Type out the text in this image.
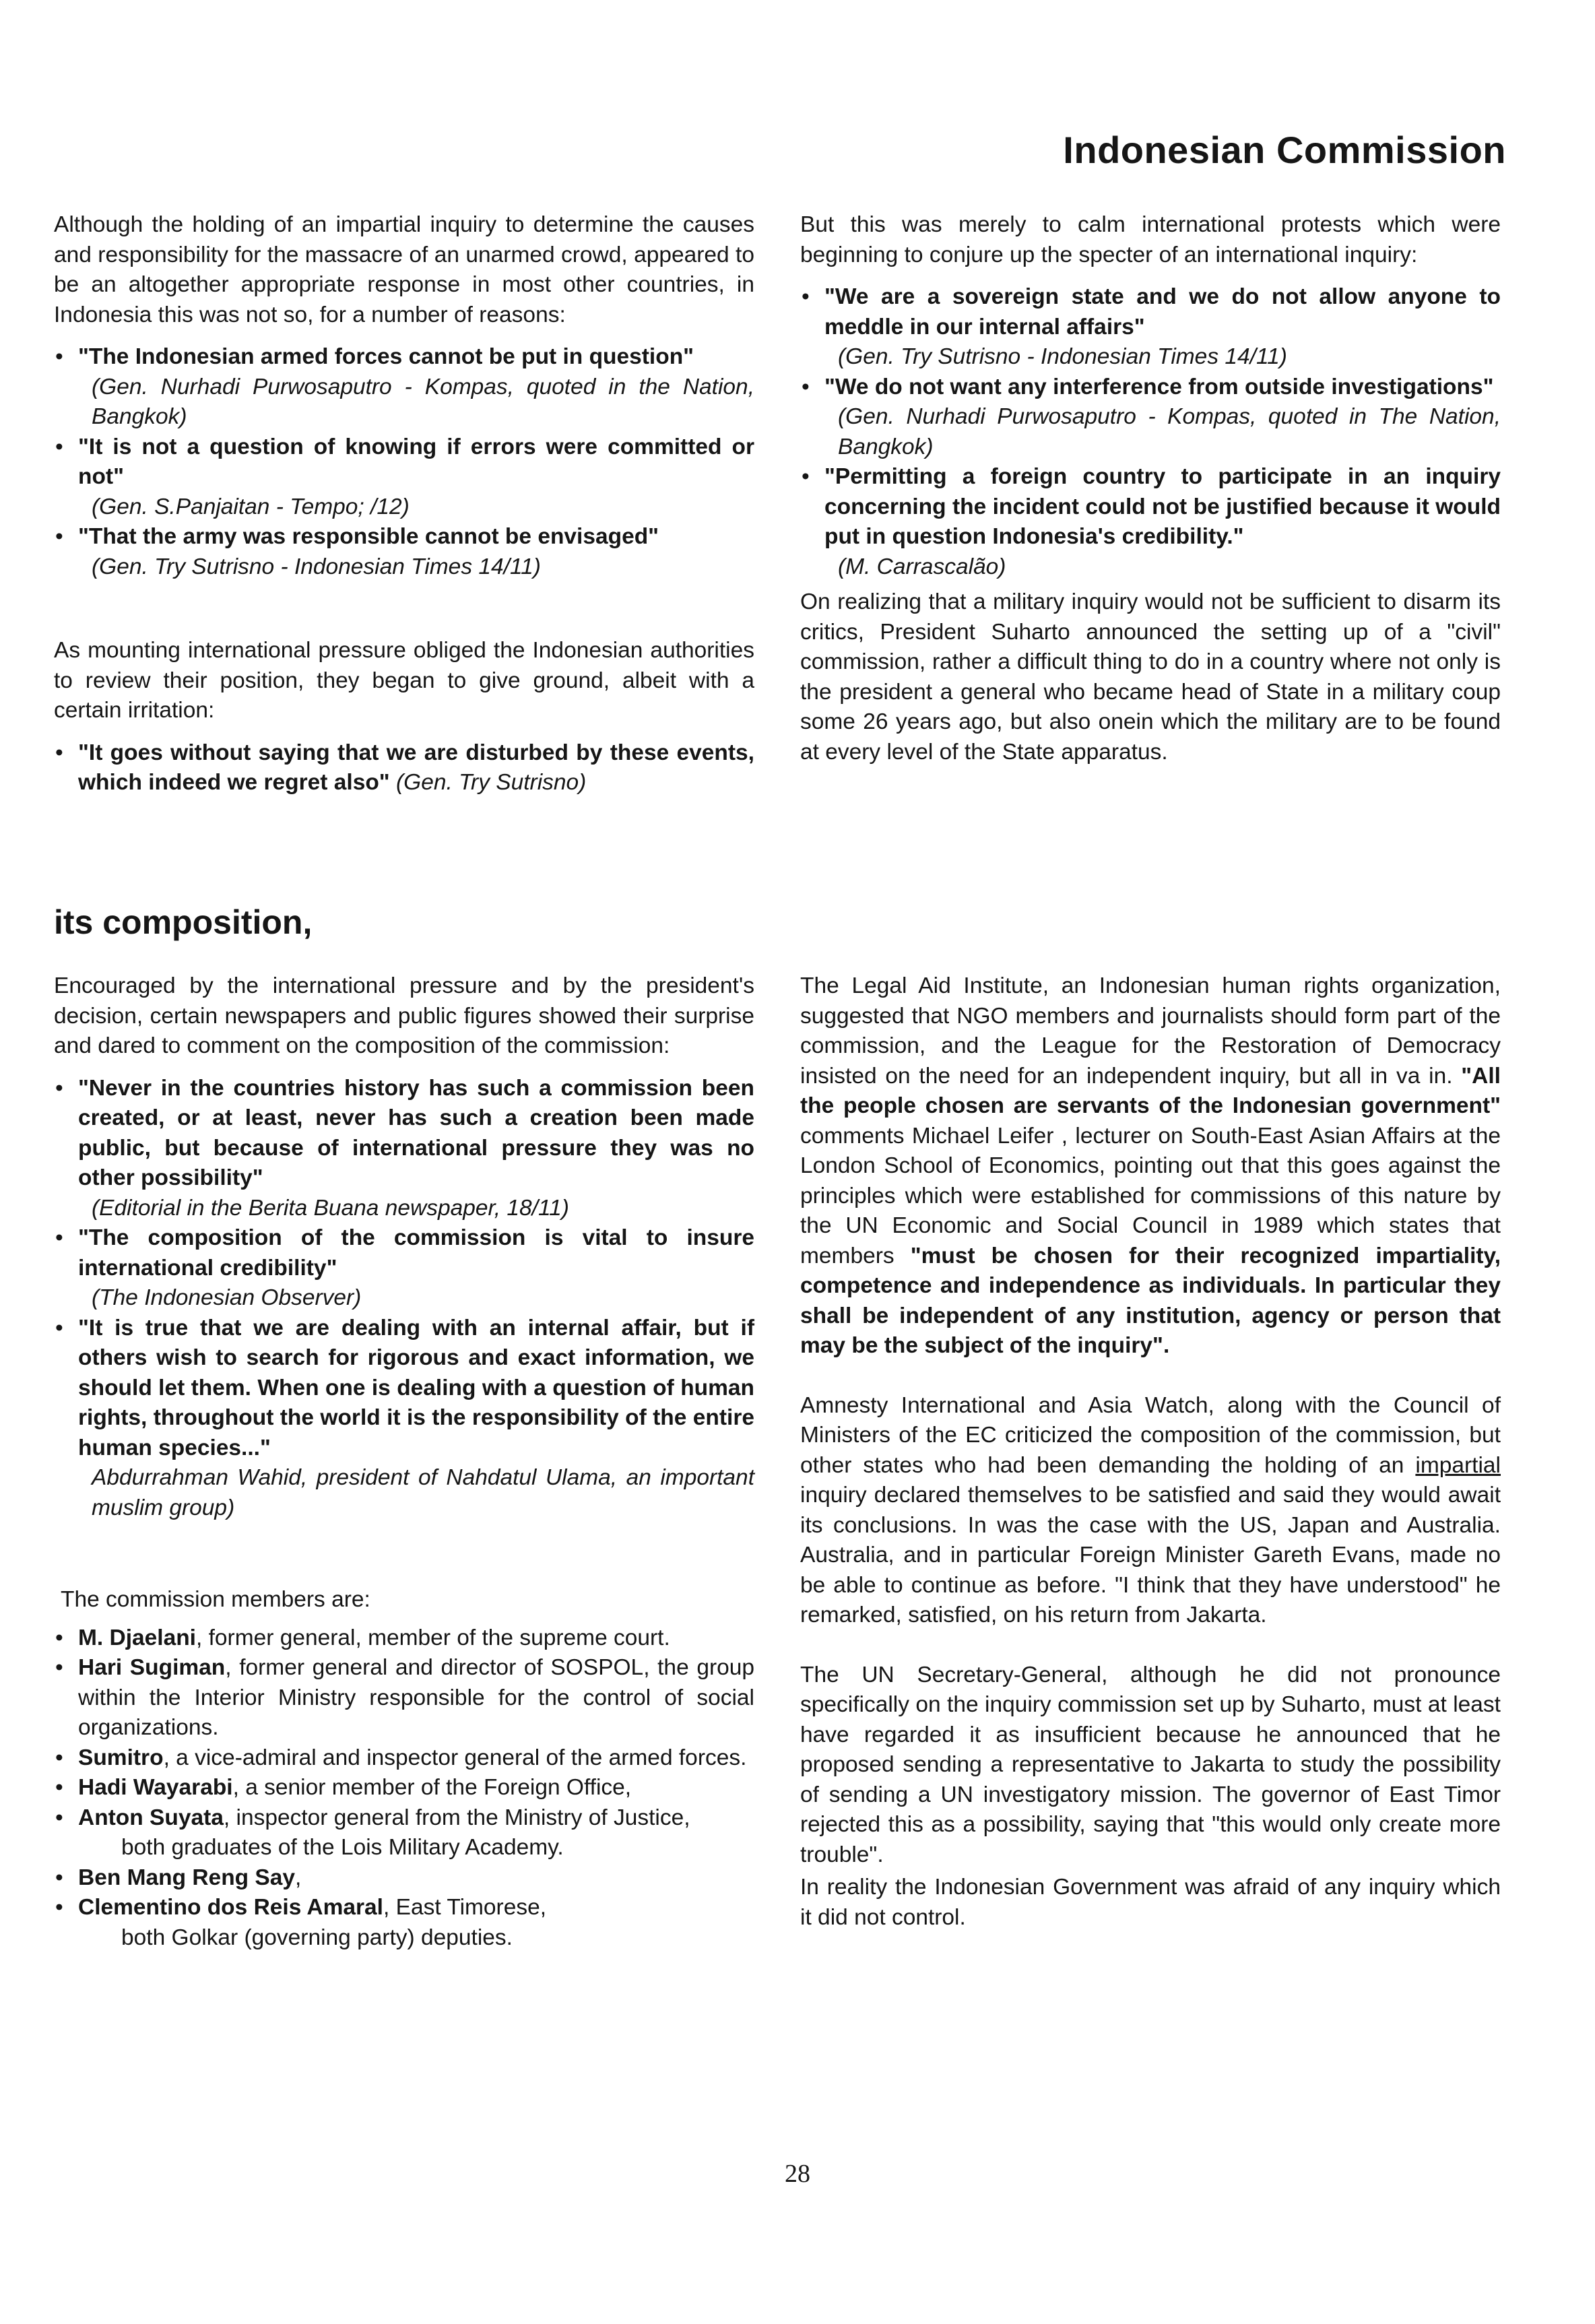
Indonesian Commission

Although the holding of an impartial inquiry to determine the causes and responsibility for the massacre of an unarmed crowd, appeared to be an altogether appropriate response in most other countries, in Indonesia this was not so, for a number of reasons:

• "The Indonesian armed forces cannot be put in question"
(Gen. Nurhadi Purwosaputro - Kompas, quoted in the Nation, Bangkok)
• "It is not a question of knowing if errors were committed or not"
(Gen. S.Panjaitan - Tempo; /12)
• "That the army was responsible cannot be envisaged"
(Gen. Try Sutrisno - Indonesian Times 14/11)

As mounting international pressure obliged the Indonesian authorities to review their position, they began to give ground, albeit with a certain irritation:

• "It goes without saying that we are disturbed by these events, which indeed we regret also" (Gen. Try Sutrisno)

But this was merely to calm international protests which were beginning to conjure up the specter of an international inquiry:

• "We are a sovereign state and we do not allow anyone to meddle in our internal affairs"
(Gen. Try Sutrisno - Indonesian Times 14/11)
• "We do not want any interference from outside investigations"
(Gen. Nurhadi Purwosaputro - Kompas, quoted in The Nation, Bangkok)
• "Permitting a foreign country to participate in an inquiry concerning the incident could not be justified because it would put in question Indonesia's credibility."
(M. Carrascalão)

On realizing that a military inquiry would not be sufficient to disarm its critics, President Suharto announced the setting up of a "civil" commission, rather a difficult thing to do in a country where not only is the president a general who became head of State in a military coup some 26 years ago, but also onein which the military are to be found at every level of the State apparatus.

its composition,

Encouraged by the international pressure and by the president's decision, certain newspapers and public figures showed their surprise and dared to comment on the composition of the commission:

• "Never in the countries history has such a commission been created, or at least, never has such a creation been made public, but because of international pressure they was no other possibility"
(Editorial in the Berita Buana newspaper, 18/11)
• "The composition of the commission is vital to insure international credibility"
(The Indonesian Observer)
• "It is true that we are dealing with an internal affair, but if others wish to search for rigorous and exact information, we should let them. When one is dealing with a question of human rights, throughout the world it is the responsibility of the entire human species..."
Abdurrahman Wahid, president of Nahdatul Ulama, an important muslim group)

The commission members are:

• M. Djaelani, former general, member of the supreme court.
• Hari Sugiman, former general and director of SOSPOL, the group within the Interior Ministry responsible for the control of social organizations.
• Sumitro, a vice-admiral and inspector general of the armed forces.
• Hadi Wayarabi, a senior member of the Foreign Office,
• Anton Suyata, inspector general from the Ministry of Justice,
both graduates of the Lois Military Academy.
• Ben Mang Reng Say,
• Clementino dos Reis Amaral, East Timorese,
both Golkar (governing party) deputies.

The Legal Aid Institute, an Indonesian human rights organization, suggested that NGO members and journalists should form part of the commission, and the League for the Restoration of Democracy insisted on the need for an independent inquiry, but all in va in. "All the people chosen are servants of the Indonesian government" comments Michael Leifer , lecturer on South-East Asian Affairs at the London School of Economics, pointing out that this goes against the principles which were established for commissions of this nature by the UN Economic and Social Council in 1989 which states that members "must be chosen for their recognized impartiality, competence and independence as individuals. In particular they shall be independent of any institution, agency or person that may be the subject of the inquiry".

Amnesty International and Asia Watch, along with the Council of Ministers of the EC criticized the composition of the commission, but other states who had been demanding the holding of an impartial inquiry declared themselves to be satisfied and said they would await its conclusions. In was the case with the US, Japan and Australia. Australia, and in particular Foreign Minister Gareth Evans, made no be able to continue as before. "I think that they have understood" he remarked, satisfied, on his return from Jakarta.

The UN Secretary-General, although he did not pronounce specifically on the inquiry commission set up by Suharto, must at least have regarded it as insufficient because he announced that he proposed sending a representative to Jakarta to study the possibility of sending a UN investigatory mission. The governor of East Timor rejected this as a possibility, saying that "this would only create more trouble".

In reality the Indonesian Government was afraid of any inquiry which it did not control.

28
